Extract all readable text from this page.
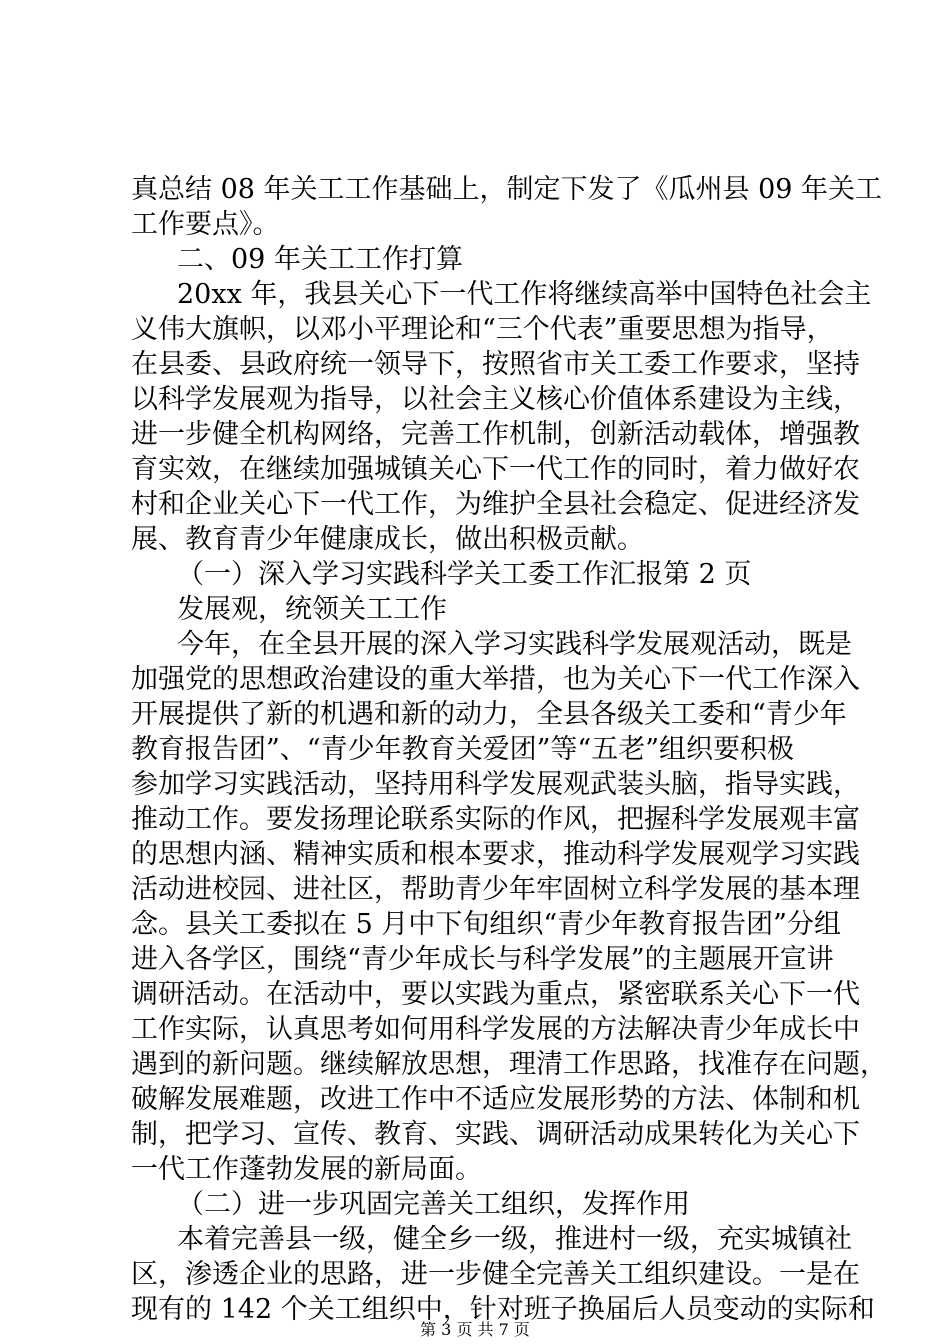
真总结 08 年关工工作基础上，制定下发了《瓜州县 09 年关工
工作要点》。
二、09 年关工工作打算
20xx 年，我县关心下一代工作将继续高举中国特色社会主
义伟大旗帜，以邓小平理论和“三个代表”重要思想为指导，
在县委、县政府统一领导下，按照省市关工委工作要求，坚持
以科学发展观为指导，以社会主义核心价值体系建设为主线，
进一步健全机构网络，完善工作机制，创新活动载体，增强教
育实效，在继续加强城镇关心下一代工作的同时，着力做好农
村和企业关心下一代工作，为维护全县社会稳定、促进经济发
展、教育青少年健康成长，做出积极贡献。
（一）深入学习实践科学关工委工作汇报第 2 页
发展观，统领关工工作
今年，在全县开展的深入学习实践科学发展观活动，既是
加强党的思想政治建设的重大举措，也为关心下一代工作深入
开展提供了新的机遇和新的动力，全县各级关工委和“青少年
教育报告团”、“青少年教育关爱团”等“五老”组织要积极
参加学习实践活动，坚持用科学发展观武装头脑，指导实践，
推动工作。要发扬理论联系实际的作风，把握科学发展观丰富
的思想内涵、精神实质和根本要求，推动科学发展观学习实践
活动进校园、进社区，帮助青少年牢固树立科学发展的基本理
念。县关工委拟在 5 月中下旬组织“青少年教育报告团”分组
进入各学区，围绕“青少年成长与科学发展”的主题展开宣讲
调研活动。在活动中，要以实践为重点，紧密联系关心下一代
工作实际，认真思考如何用科学发展的方法解决青少年成长中
遇到的新问题。继续解放思想，理清工作思路，找准存在问题，
破解发展难题，改进工作中不适应发展形势的方法、体制和机
制，把学习、宣传、教育、实践、调研活动成果转化为关心下
一代工作蓬勃发展的新局面。
（二）进一步巩固完善关工组织，发挥作用
本着完善县一级，健全乡一级，推进村一级，充实城镇社
区，渗透企业的思路，进一步健全完善关工组织建设。一是在
现有的 142 个关工组织中，针对班子换届后人员变动的实际和
第 3 页 共 7 页
